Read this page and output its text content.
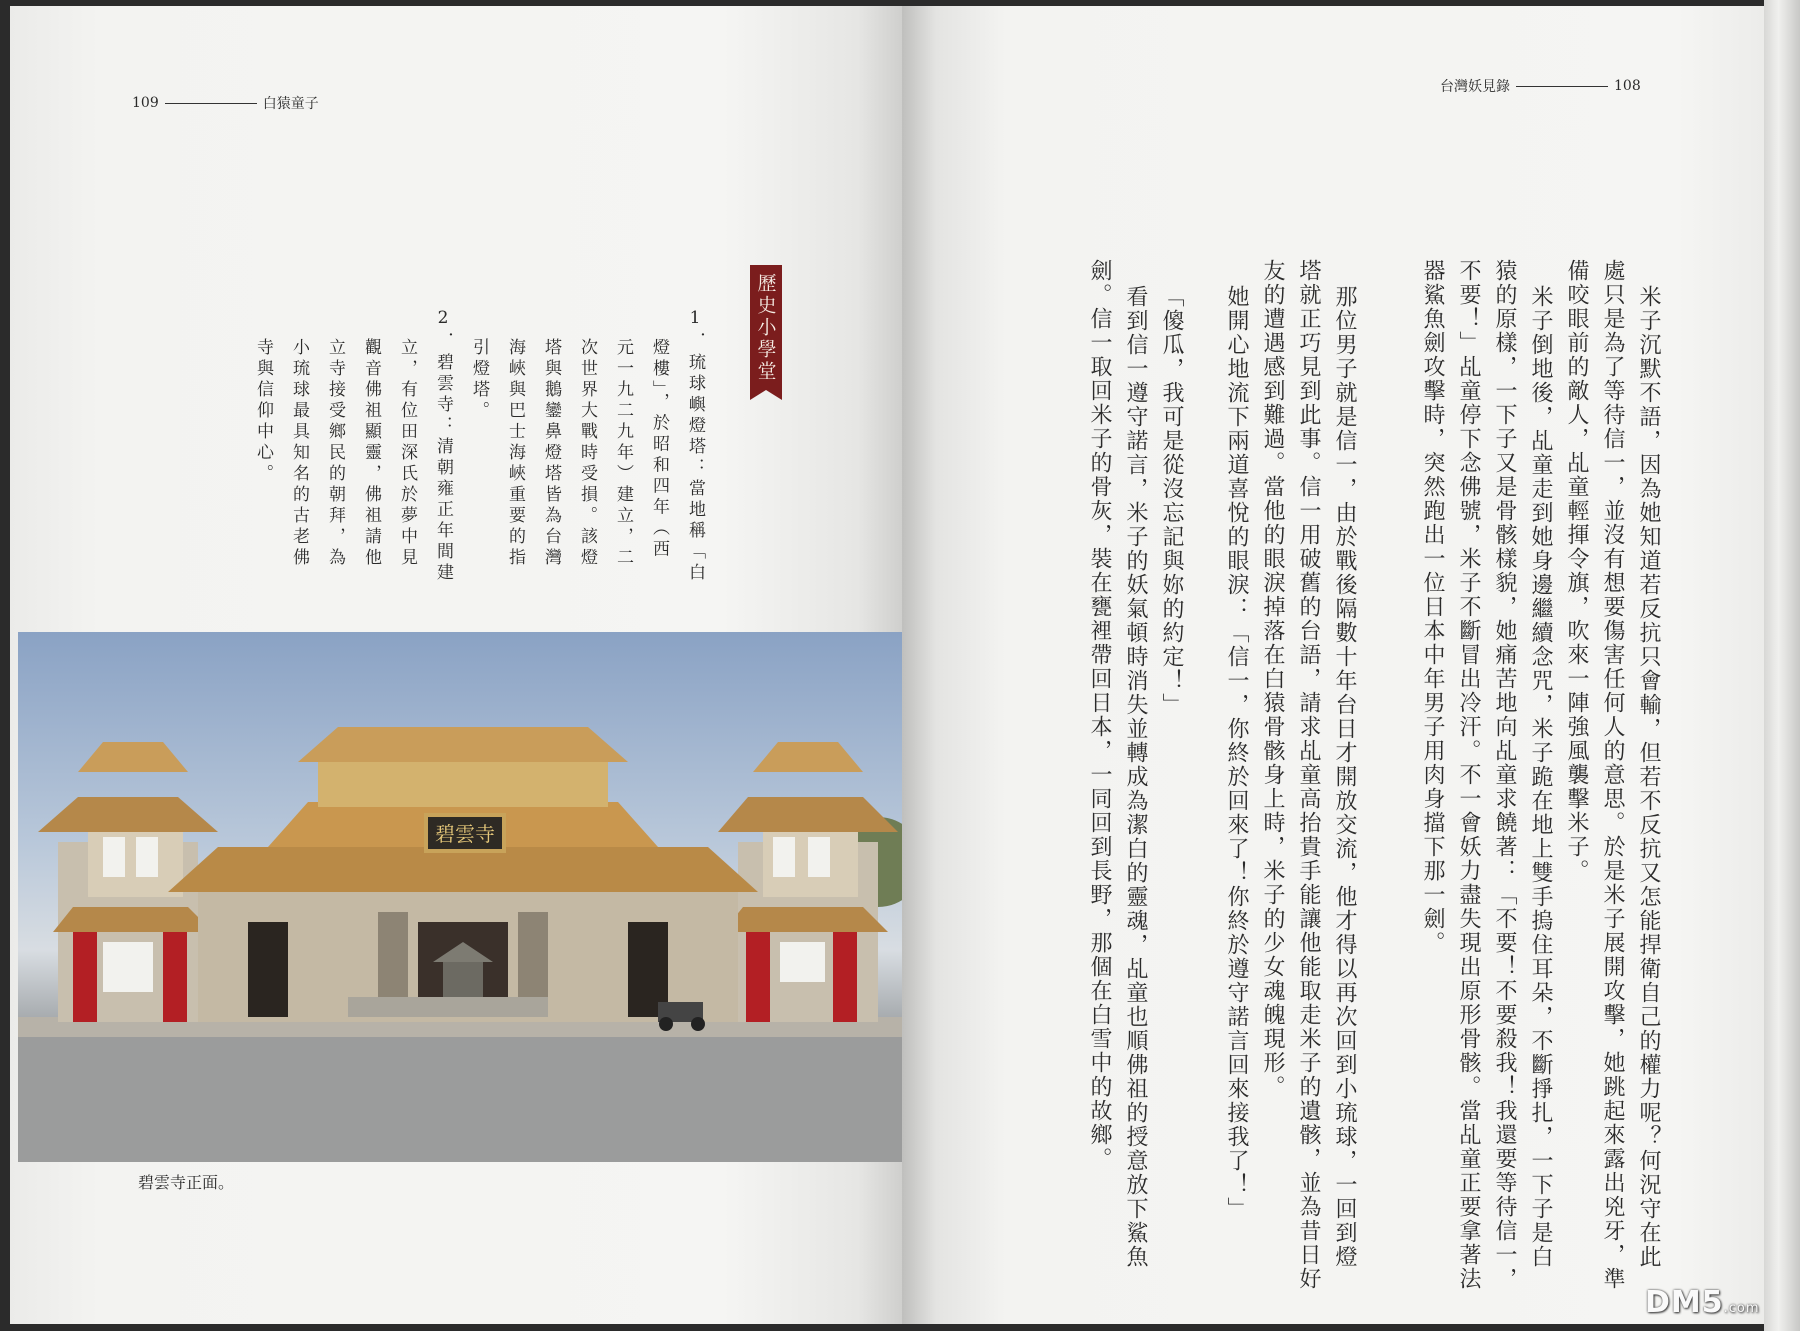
109	白猿童子
歷史小學堂
1．琉球嶼燈塔：當地稱「白
燈樓」，於昭和四年（西
元一九二九年）建立，二
次世界大戰時受損。該燈
塔與鵝鑾鼻燈塔皆為台灣
海峽與巴士海峽重要的指
引燈塔。
2．碧雲寺：清朝雍正年間建
立，有位田深氏於夢中見
觀音佛祖顯靈，佛祖請他
立寺接受鄉民的朝拜，為
小琉球最具知名的古老佛
寺與信仰中心。
碧雲寺
碧雲寺正面。
台灣妖見錄	108
米子沉默不語，因為她知道若反抗只會輸，但若不反抗又怎能捍衛自己的權力呢？何況守在此
處只是為了等待信一，並沒有想要傷害任何人的意思。於是米子展開攻擊，她跳起來露出兇牙，準
備咬眼前的敵人，乩童輕揮令旗，吹來一陣強風襲擊米子。
米子倒地後，乩童走到她身邊繼續念咒，米子跪在地上雙手摀住耳朵，不斷掙扎，一下子是白
猿的原樣，一下子又是骨骸樣貌，她痛苦地向乩童求饒著：「不要！不要殺我！我還要等待信一，
不要！」乩童停下念佛號，米子不斷冒出冷汗。不一會妖力盡失現出原形骨骸。當乩童正要拿著法
器鯊魚劍攻擊時，突然跑出一位日本中年男子用肉身擋下那一劍。
那位男子就是信一，由於戰後隔數十年台日才開放交流，他才得以再次回到小琉球，一回到燈
塔就正巧見到此事。信一用破舊的台語，請求乩童高抬貴手能讓他能取走米子的遺骸，並為昔日好
友的遭遇感到難過。當他的眼淚掉落在白猿骨骸身上時，米子的少女魂魄現形。
她開心地流下兩道喜悅的眼淚：「信一，你終於回來了！你終於遵守諾言回來接我了！」
「傻瓜，我可是從沒忘記與妳的約定！」
看到信一遵守諾言，米子的妖氣頓時消失並轉成為潔白的靈魂，乩童也順佛祖的授意放下鯊魚
劍。信一取回米子的骨灰，裝在甕裡帶回日本，一同回到長野，那個在白雪中的故鄉。
DM5.com
